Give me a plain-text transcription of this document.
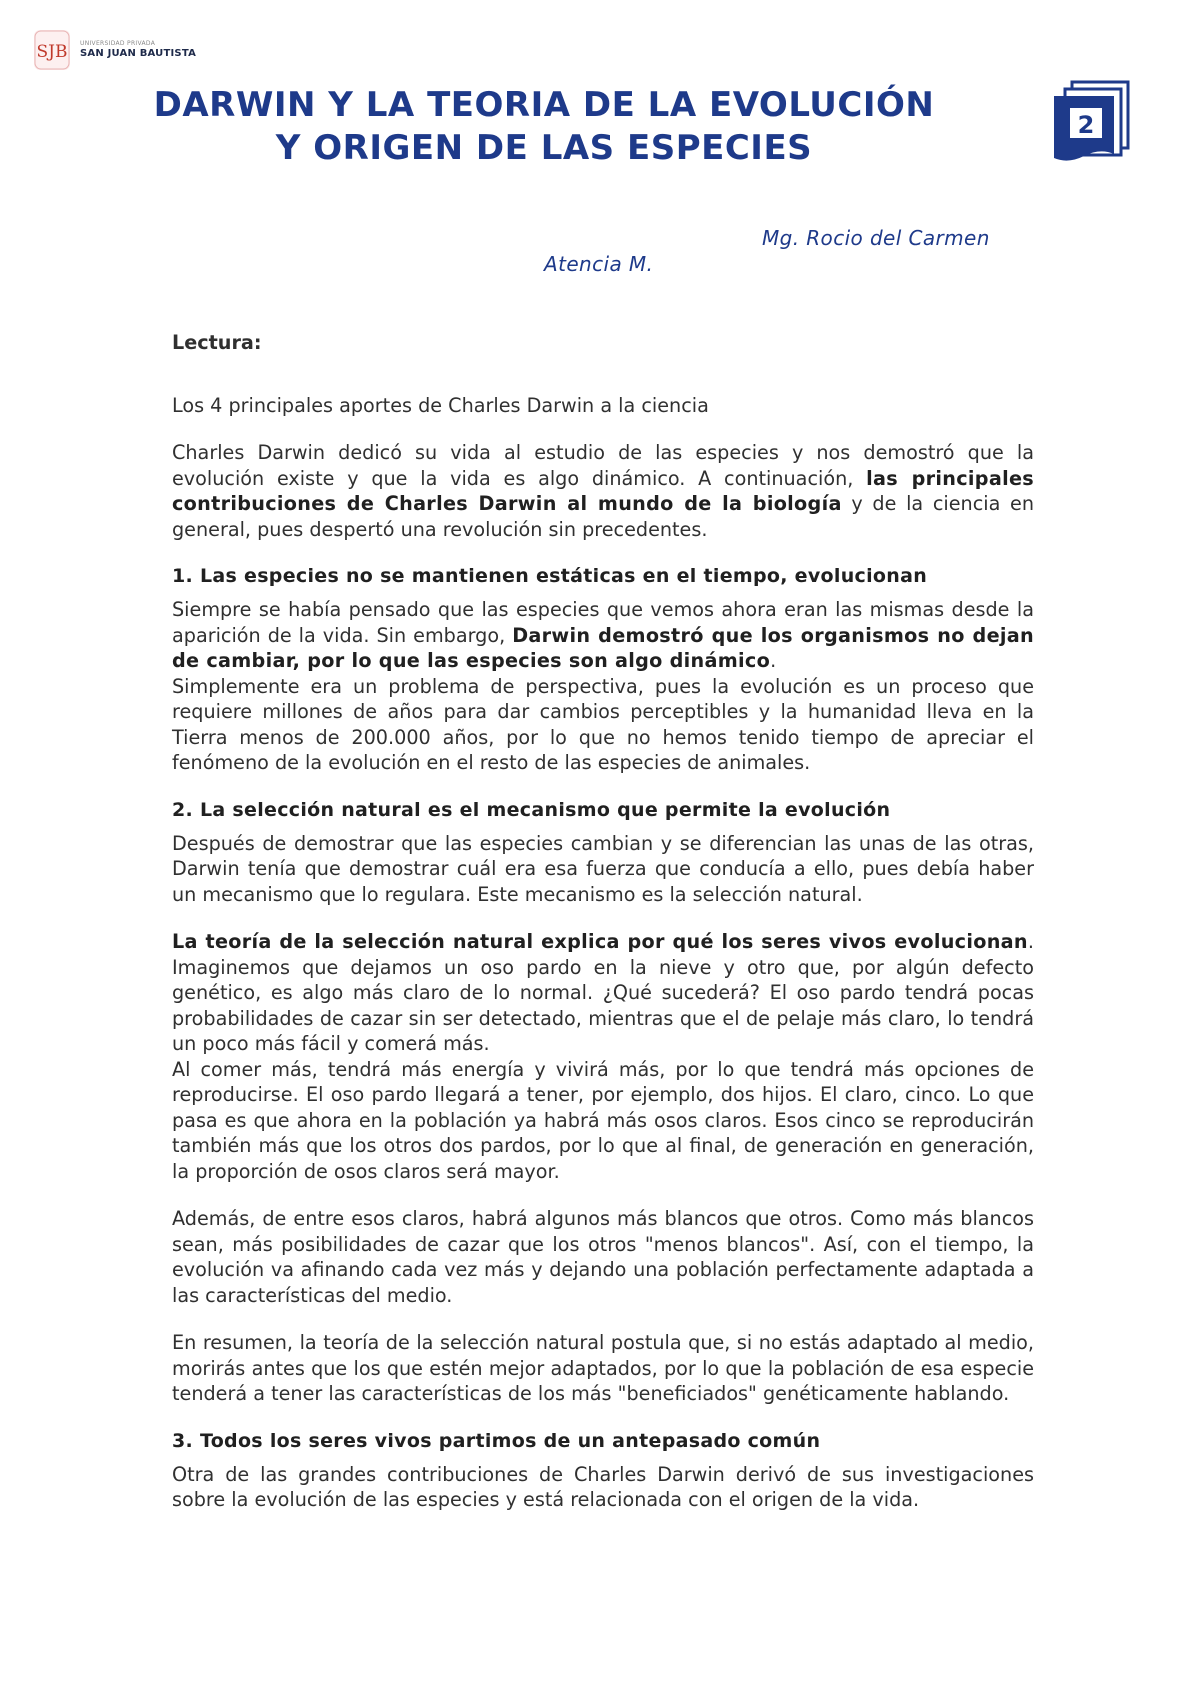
SJB UNIVERSIDAD PRIVADA
SAN JUAN BAUTISTA
DARWIN Y LA TEORIA DE LA EVOLUCIÓN
Y ORIGEN DE LAS ESPECIES
2
Mg. Rocio del Carmen
Atencia M.

Lectura:

Los 4 principales aportes de Charles Darwin a la ciencia

Charles Darwin dedicó su vida al estudio de las especies y nos demostró que la evolución existe y que la vida es algo dinámico. A continuación, las principales contribuciones de Charles Darwin al mundo de la biología y de la ciencia en general, pues despertó una revolución sin precedentes.

1. Las especies no se mantienen estáticas en el tiempo, evolucionan

Siempre se había pensado que las especies que vemos ahora eran las mismas desde la aparición de la vida. Sin embargo, Darwin demostró que los organismos no dejan de cambiar, por lo que las especies son algo dinámico.

Simplemente era un problema de perspectiva, pues la evolución es un proceso que requiere millones de años para dar cambios perceptibles y la humanidad lleva en la Tierra menos de 200.000 años, por lo que no hemos tenido tiempo de apreciar el fenómeno de la evolución en el resto de las especies de animales.

2. La selección natural es el mecanismo que permite la evolución

Después de demostrar que las especies cambian y se diferencian las unas de las otras, Darwin tenía que demostrar cuál era esa fuerza que conducía a ello, pues debía haber un mecanismo que lo regulara. Este mecanismo es la selección natural.

La teoría de la selección natural explica por qué los seres vivos evolucionan. Imaginemos que dejamos un oso pardo en la nieve y otro que, por algún defecto genético, es algo más claro de lo normal. ¿Qué sucederá? El oso pardo tendrá pocas probabilidades de cazar sin ser detectado, mientras que el de pelaje más claro, lo tendrá un poco más fácil y comerá más.

Al comer más, tendrá más energía y vivirá más, por lo que tendrá más opciones de reproducirse. El oso pardo llegará a tener, por ejemplo, dos hijos. El claro, cinco. Lo que pasa es que ahora en la población ya habrá más osos claros. Esos cinco se reproducirán también más que los otros dos pardos, por lo que al final, de generación en generación, la proporción de osos claros será mayor.

Además, de entre esos claros, habrá algunos más blancos que otros. Como más blancos sean, más posibilidades de cazar que los otros "menos blancos". Así, con el tiempo, la evolución va afinando cada vez más y dejando una población perfectamente adaptada a las características del medio.

En resumen, la teoría de la selección natural postula que, si no estás adaptado al medio, morirás antes que los que estén mejor adaptados, por lo que la población de esa especie tenderá a tener las características de los más "beneficiados" genéticamente hablando.

3. Todos los seres vivos partimos de un antepasado común

Otra de las grandes contribuciones de Charles Darwin derivó de sus investigaciones sobre la evolución de las especies y está relacionada con el origen de la vida.
